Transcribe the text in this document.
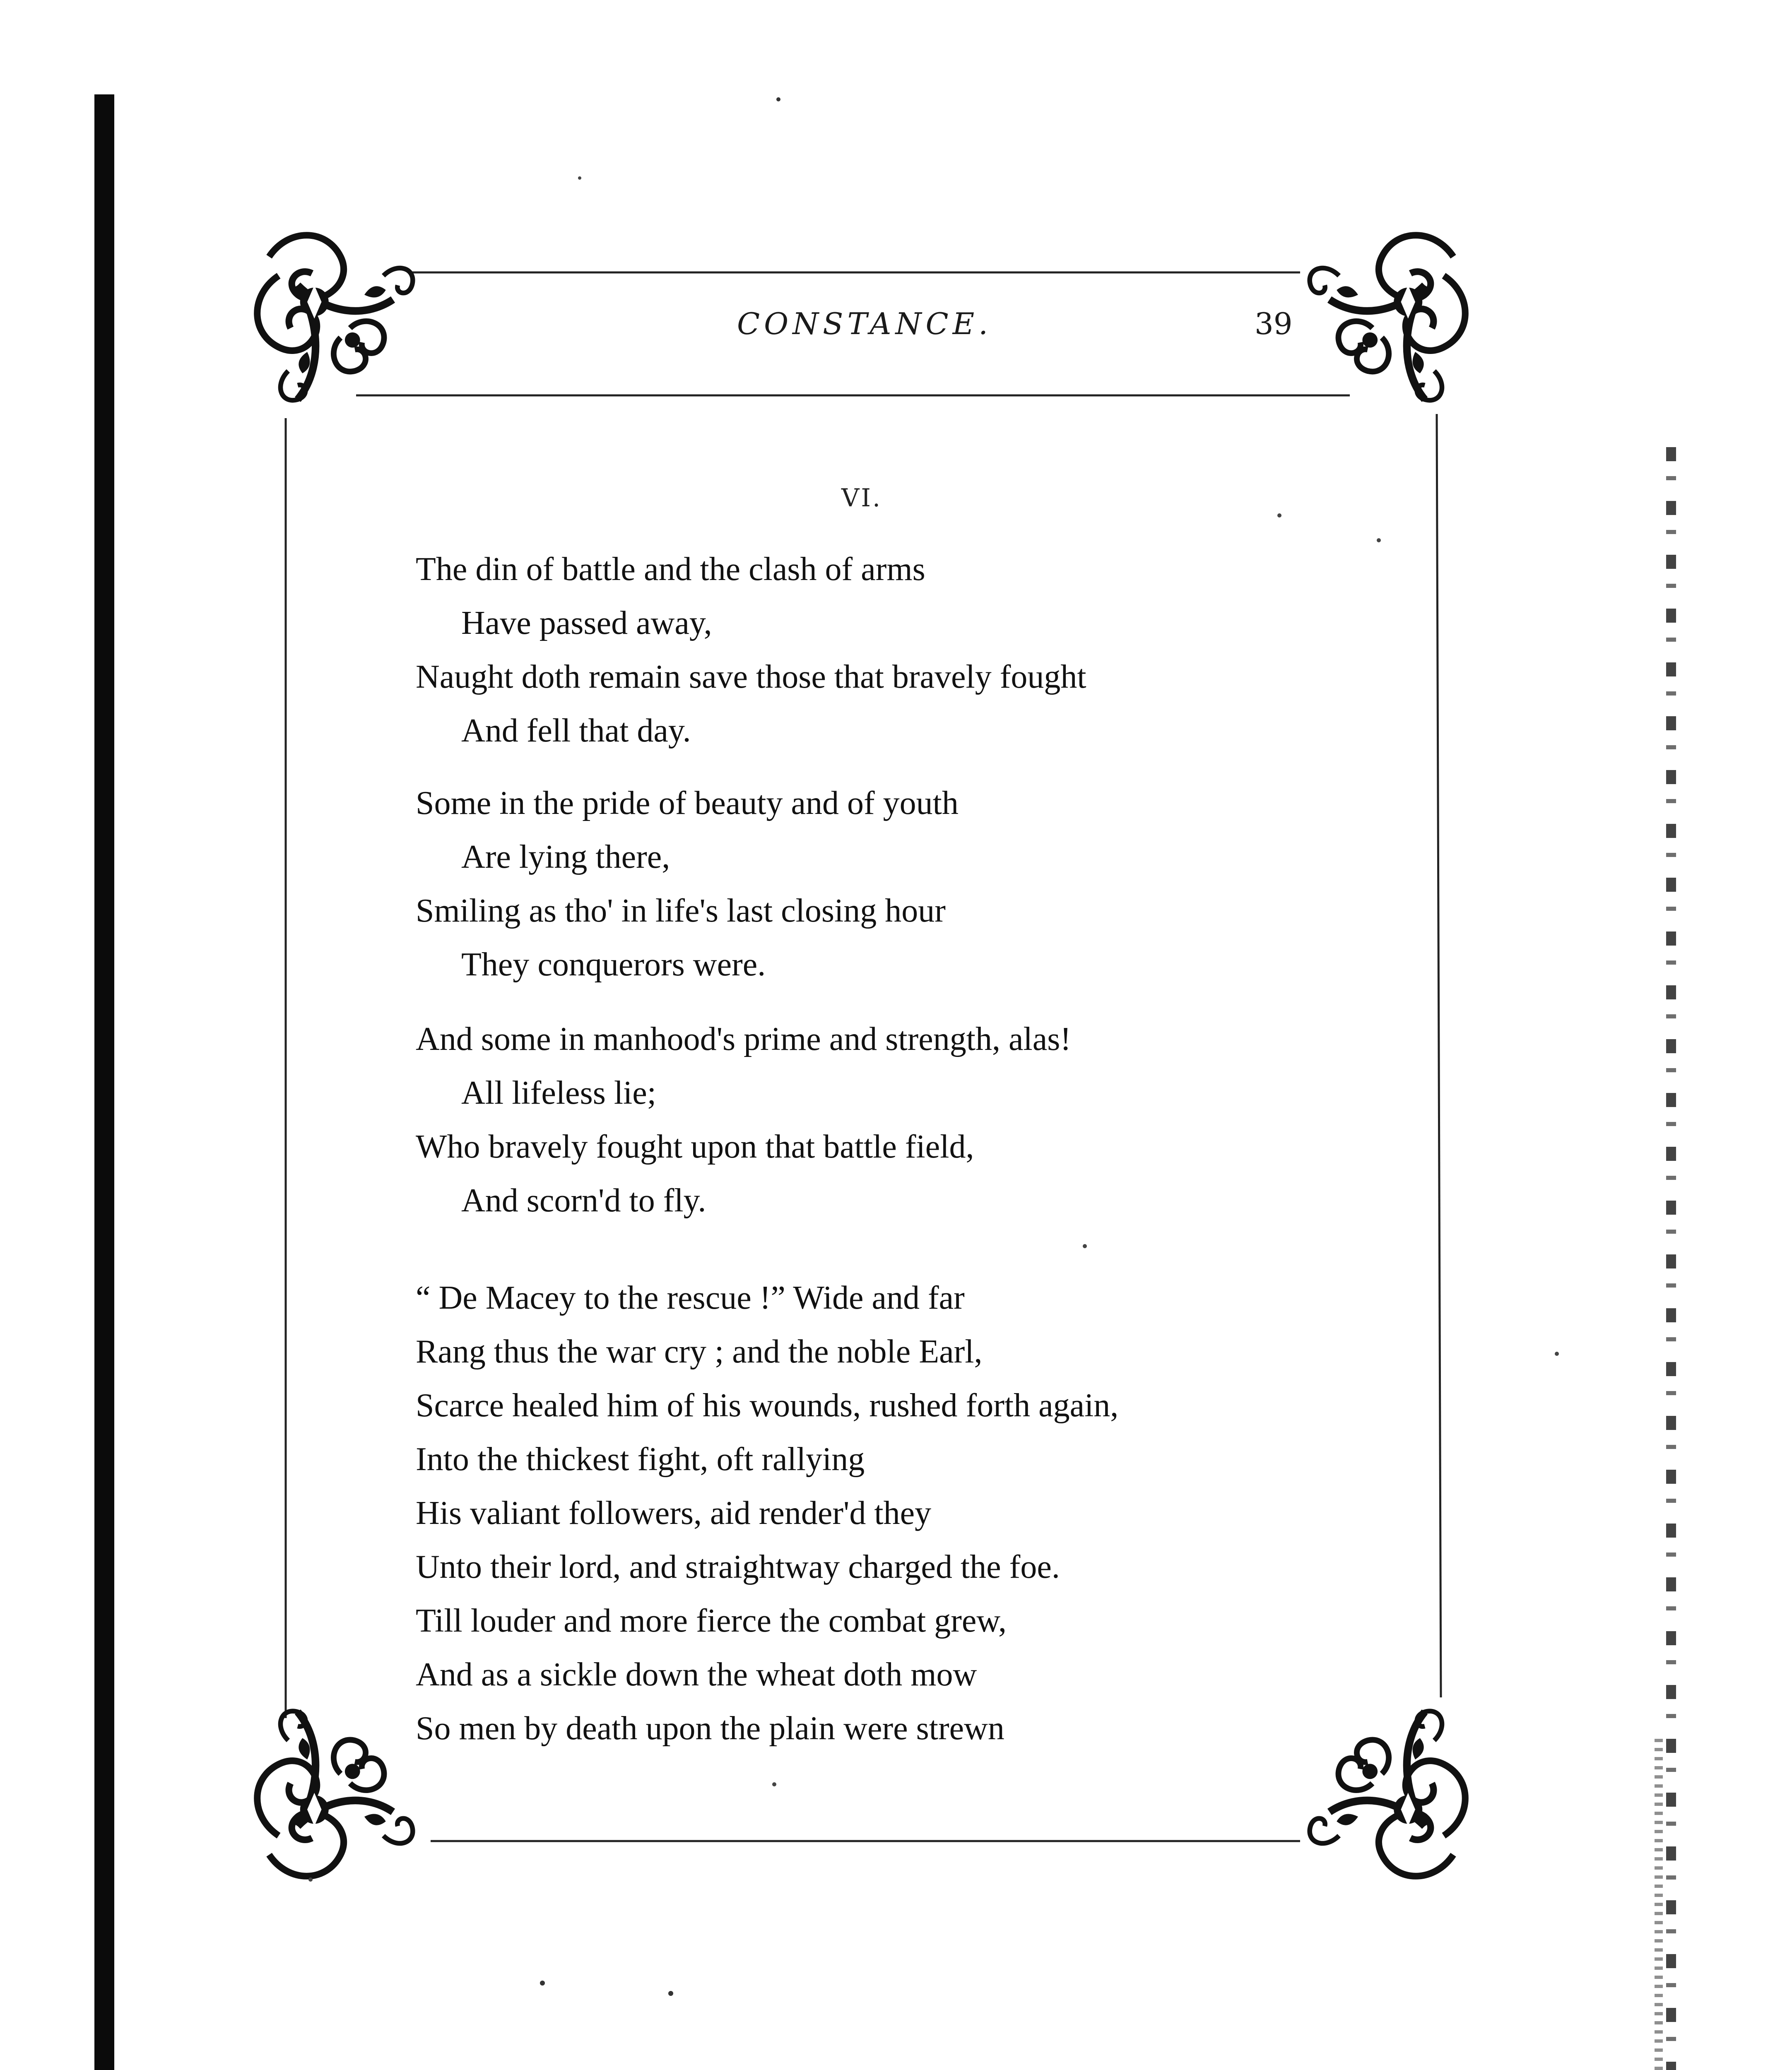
CONSTANCE.	39
VI.
The din of battle and the clash of arms
Have passed away,
Naught doth remain save those that bravely fought
And fell that day.
Some in the pride of beauty and of youth
Are lying there,
Smiling as tho' in life's last closing hour
They conquerors were.
And some in manhood's prime and strength, alas!
All lifeless lie;
Who bravely fought upon that battle field,
And scorn'd to fly.
“ De Macey to the rescue !” Wide and far
Rang thus the war cry ; and the noble Earl,
Scarce healed him of his wounds, rushed forth again,
Into the thickest fight, oft rallying
His valiant followers, aid render'd they
Unto their lord, and straightway charged the foe.
Till louder and more fierce the combat grew,
And as a sickle down the wheat doth mow
So men by death upon the plain were strewn
